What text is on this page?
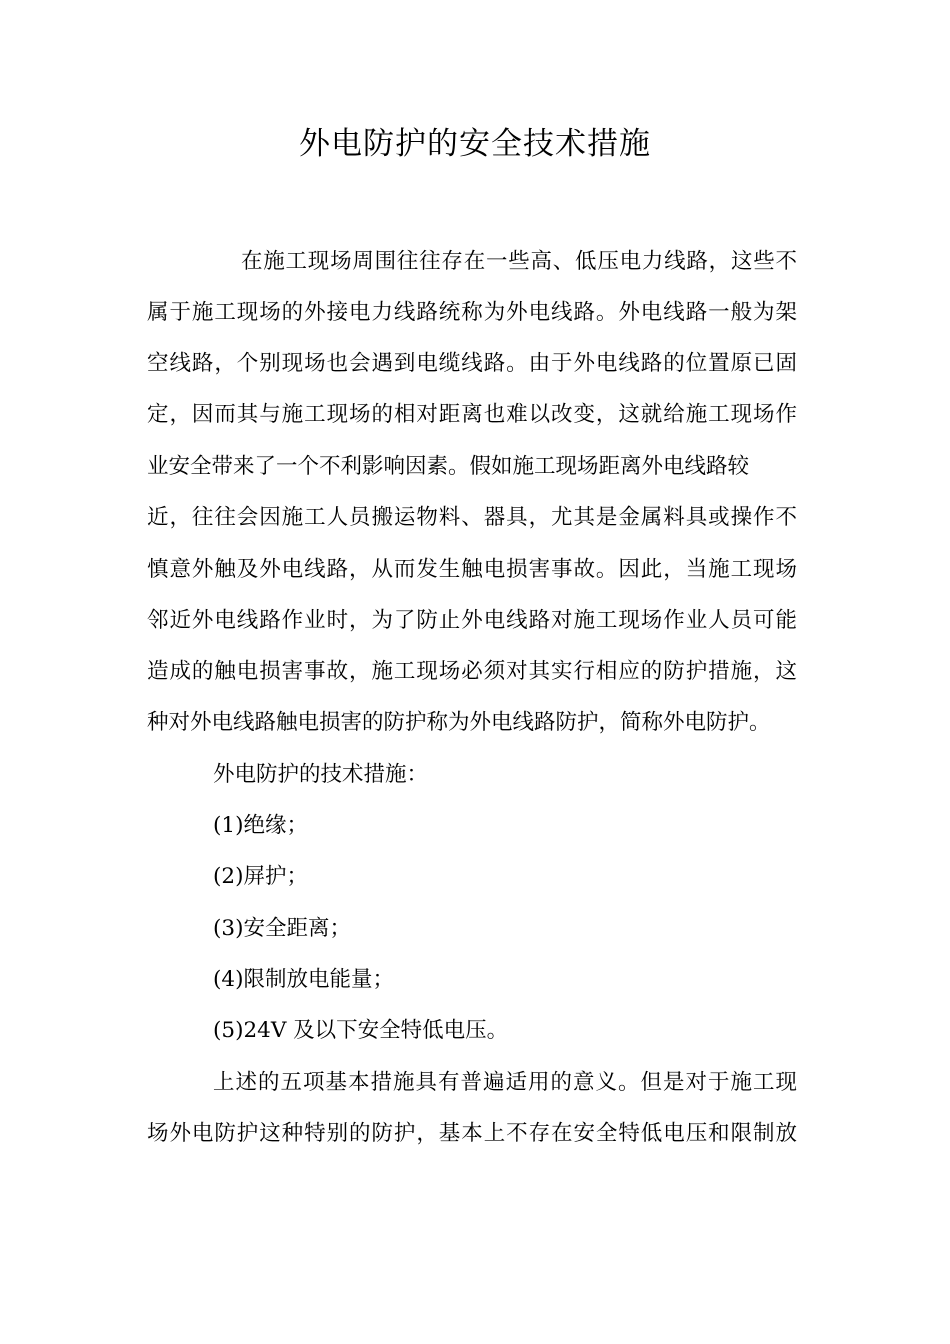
外电防护的安全技术措施

在施工现场周围往往存在一些高、低压电力线路，这些不

属于施工现场的外接电力线路统称为外电线路。外电线路一般为架

空线路，个别现场也会遇到电缆线路。由于外电线路的位置原已固

定，因而其与施工现场的相对距离也难以改变，这就给施工现场作

业安全带来了一个不利影响因素。假如施工现场距离外电线路较

近，往往会因施工人员搬运物料、器具，尤其是金属料具或操作不

慎意外触及外电线路，从而发生触电损害事故。因此，当施工现场

邻近外电线路作业时，为了防止外电线路对施工现场作业人员可能

造成的触电损害事故，施工现场必须对其实行相应的防护措施，这

种对外电线路触电损害的防护称为外电线路防护，简称外电防护。

外电防护的技术措施：

(1)绝缘；

(2)屏护；

(3)安全距离；

(4)限制放电能量；

(5)24V 及以下安全特低电压。

上述的五项基本措施具有普遍适用的意义。但是对于施工现

场外电防护这种特别的防护，基本上不存在安全特低电压和限制放
